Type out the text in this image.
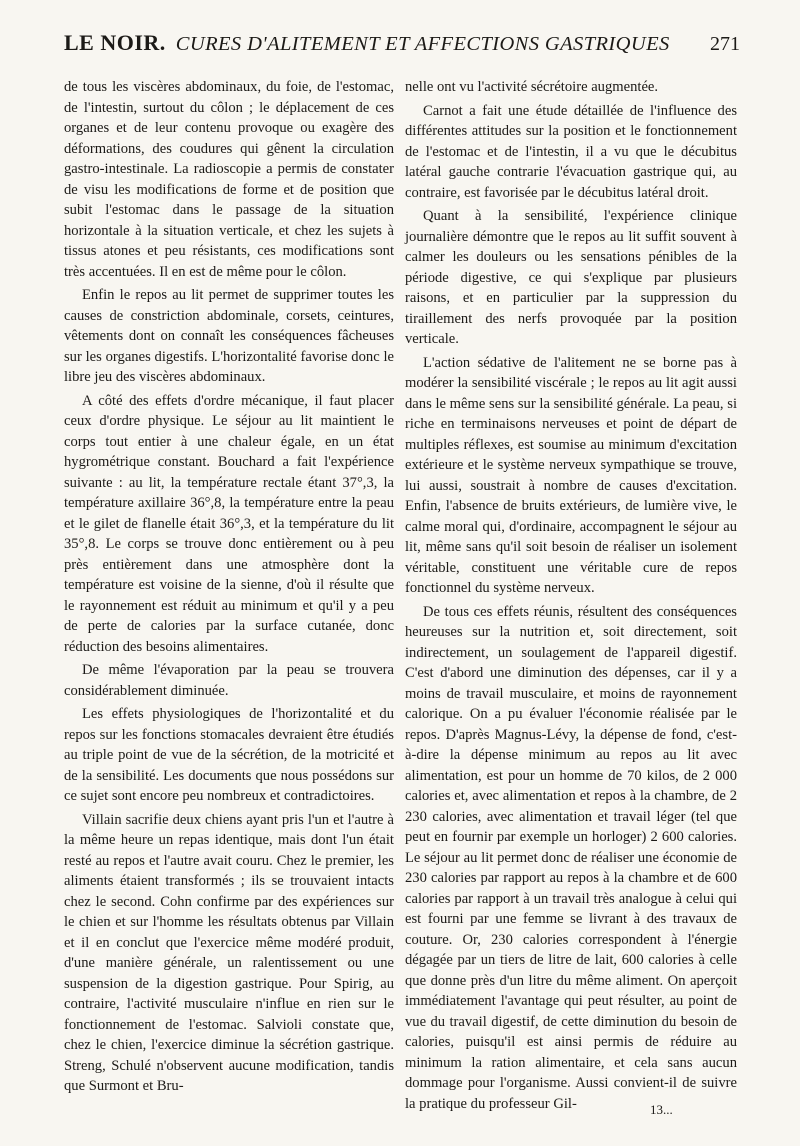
LE NOIR. CURES D'ALITEMENT ET AFFECTIONS GASTRIQUES	271

de tous les viscères abdominaux, du foie, de l'estomac, de l'intestin, surtout du côlon ; le déplacement de ces organes et de leur contenu provoque ou exagère des déformations, des coudures qui gênent la circulation gastro-intestinale. La radioscopie a permis de constater de visu les modifications de forme et de position que subit l'estomac dans le passage de la situation horizontale à la situation verticale, et chez les sujets à tissus atones et peu résistants, ces modifications sont très accentuées. Il en est de même pour le côlon.

Enfin le repos au lit permet de supprimer toutes les causes de constriction abdominale, corsets, ceintures, vêtements dont on connaît les conséquences fâcheuses sur les organes digestifs. L'horizontalité favorise donc le libre jeu des viscères abdominaux.

A côté des effets d'ordre mécanique, il faut placer ceux d'ordre physique. Le séjour au lit maintient le corps tout entier à une chaleur égale, en un état hygrométrique constant. Bouchard a fait l'expérience suivante : au lit, la température rectale étant 37°,3, la température axillaire 36°,8, la température entre la peau et le gilet de flanelle était 36°,3, et la température du lit 35°,8. Le corps se trouve donc entièrement ou à peu près entièrement dans une atmosphère dont la température est voisine de la sienne, d'où il résulte que le rayonnement est réduit au minimum et qu'il y a peu de perte de calories par la surface cutanée, donc réduction des besoins alimentaires.

De même l'évaporation par la peau se trouvera considérablement diminuée.

Les effets physiologiques de l'horizontalité et du repos sur les fonctions stomacales devraient être étudiés au triple point de vue de la sécrétion, de la motricité et de la sensibilité. Les documents que nous possédons sur ce sujet sont encore peu nombreux et contradictoires.

Villain sacrifie deux chiens ayant pris l'un et l'autre à la même heure un repas identique, mais dont l'un était resté au repos et l'autre avait couru. Chez le premier, les aliments étaient transformés ; ils se trouvaient intacts chez le second. Cohn confirme par des expériences sur le chien et sur l'homme les résultats obtenus par Villain et il en conclut que l'exercice même modéré produit, d'une manière générale, un ralentissement ou une suspension de la digestion gastrique. Pour Spirig, au contraire, l'activité musculaire n'influe en rien sur le fonctionnement de l'estomac. Salvioli constate que, chez le chien, l'exercice diminue la sécrétion gastrique. Streng, Schulé n'observent aucune modification, tandis que Surmont et Bru-

nelle ont vu l'activité sécrétoire augmentée.

Carnot a fait une étude détaillée de l'influence des différentes attitudes sur la position et le fonctionnement de l'estomac et de l'intestin, il a vu que le décubitus latéral gauche contrarie l'évacuation gastrique qui, au contraire, est favorisée par le décubitus latéral droit.

Quant à la sensibilité, l'expérience clinique journalière démontre que le repos au lit suffit souvent à calmer les douleurs ou les sensations pénibles de la période digestive, ce qui s'explique par plusieurs raisons, et en particulier par la suppression du tiraillement des nerfs provoquée par la position verticale.

L'action sédative de l'alitement ne se borne pas à modérer la sensibilité viscérale ; le repos au lit agit aussi dans le même sens sur la sensibilité générale. La peau, si riche en terminaisons nerveuses et point de départ de multiples réflexes, est soumise au minimum d'excitation extérieure et le système nerveux sympathique se trouve, lui aussi, soustrait à nombre de causes d'excitation. Enfin, l'absence de bruits extérieurs, de lumière vive, le calme moral qui, d'ordinaire, accompagnent le séjour au lit, même sans qu'il soit besoin de réaliser un isolement véritable, constituent une véritable cure de repos fonctionnel du système nerveux.

De tous ces effets réunis, résultent des conséquences heureuses sur la nutrition et, soit directement, soit indirectement, un soulagement de l'appareil digestif. C'est d'abord une diminution des dépenses, car il y a moins de travail musculaire, et moins de rayonnement calorique. On a pu évaluer l'économie réalisée par le repos. D'après Magnus-Lévy, la dépense de fond, c'est-à-dire la dépense minimum au repos au lit avec alimentation, est pour un homme de 70 kilos, de 2 000 calories et, avec alimentation et repos à la chambre, de 2 230 calories, avec alimentation et travail léger (tel que peut en fournir par exemple un horloger) 2 600 calories. Le séjour au lit permet donc de réaliser une économie de 230 calories par rapport au repos à la chambre et de 600 calories par rapport à un travail très analogue à celui qui est fourni par une femme se livrant à des travaux de couture. Or, 230 calories correspondent à l'énergie dégagée par un tiers de litre de lait, 600 calories à celle que donne près d'un litre du même aliment. On aperçoit immédiatement l'avantage qui peut résulter, au point de vue du travail digestif, de cette diminution du besoin de calories, puisqu'il est ainsi permis de réduire au minimum la ration alimentaire, et cela sans aucun dommage pour l'organisme. Aussi convient-il de suivre la pratique du professeur Gil-	13...
